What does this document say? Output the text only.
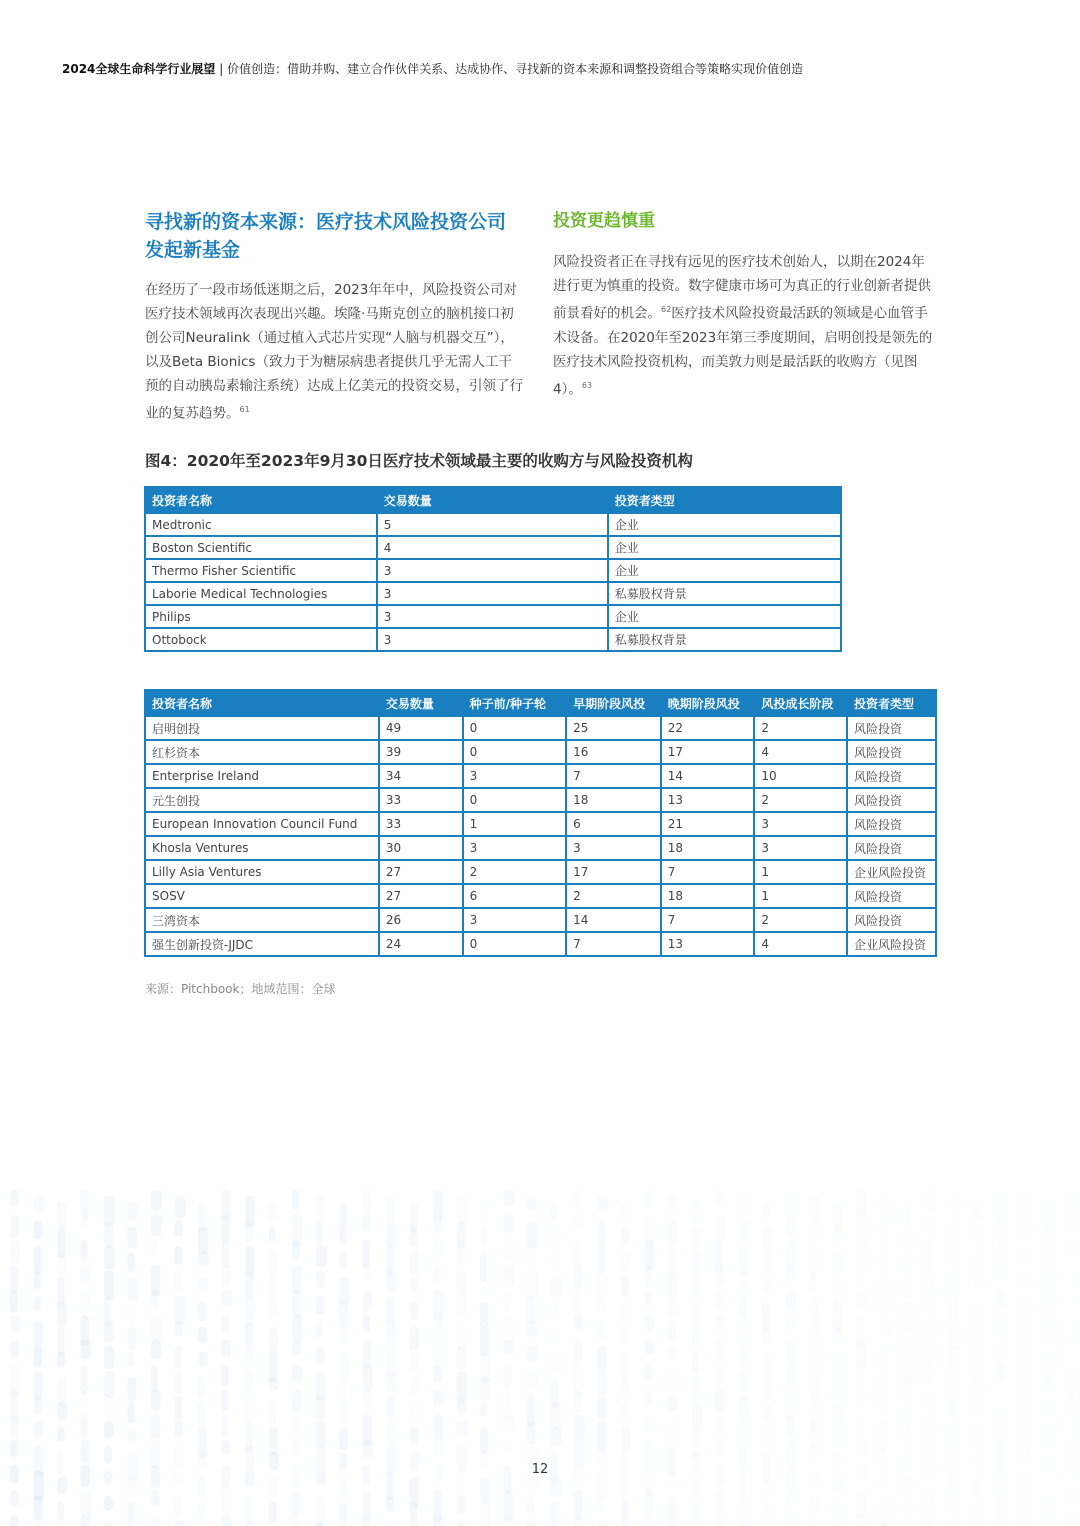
2024全球生命科学行业展望 | 价值创造：借助并购、建立合作伙伴关系、达成协作、寻找新的资本来源和调整投资组合等策略实现价值创造
寻找新的资本来源：医疗技术风险投资公司发起新基金

在经历了一段市场低迷期之后，2023年年中，风险投资公司对医疗技术领域再次表现出兴趣。埃隆·马斯克创立的脑机接口初创公司Neuralink（通过植入式芯片实现“人脑与机器交互”），以及Beta Bionics（致力于为糖尿病患者提供几乎无需人工干预的自动胰岛素输注系统）达成上亿美元的投资交易，引领了行业的复苏趋势。$^{61}$

投资更趋慎重

风险投资者正在寻找有远见的医疗技术创始人，以期在2024年进行更为慎重的投资。数字健康市场可为真正的行业创新者提供前景看好的机会。$^{62}$医疗技术风险投资最活跃的领域是心血管手术设备。在2020年至2023年第三季度期间，启明创投是领先的医疗技术风险投资机构，而美敦力则是最活跃的收购方（见图4）。$^{63}$

图4：2020年至2023年9月30日医疗技术领域最主要的收购方与风险投资机构
投资者名称	交易数量	投资者类型
Medtronic	5	企业
Boston Scientific	4	企业
Thermo Fisher Scientific	3	企业
Laborie Medical Technologies	3	私募股权背景
Philips	3	企业
Ottobock	3	私募股权背景
投资者名称	交易数量	种子前/种子轮	早期阶段风投	晚期阶段风投	风投成长阶段	投资者类型
启明创投	49	0	25	22	2	风险投资
红杉资本	39	0	16	17	4	风险投资
Enterprise Ireland	34	3	7	14	10	风险投资
元生创投	33	0	18	13	2	风险投资
European Innovation Council Fund	33	1	6	21	3	风险投资
Khosla Ventures	30	3	3	18	3	风险投资
Lilly Asia Ventures	27	2	17	7	1	企业风险投资
SOSV	27	6	2	18	1	风险投资
三湾资本	26	3	14	7	2	风险投资
强生创新投资-JJDC	24	0	7	13	4	企业风险投资

来源：Pitchbook；地域范围：全球

12
